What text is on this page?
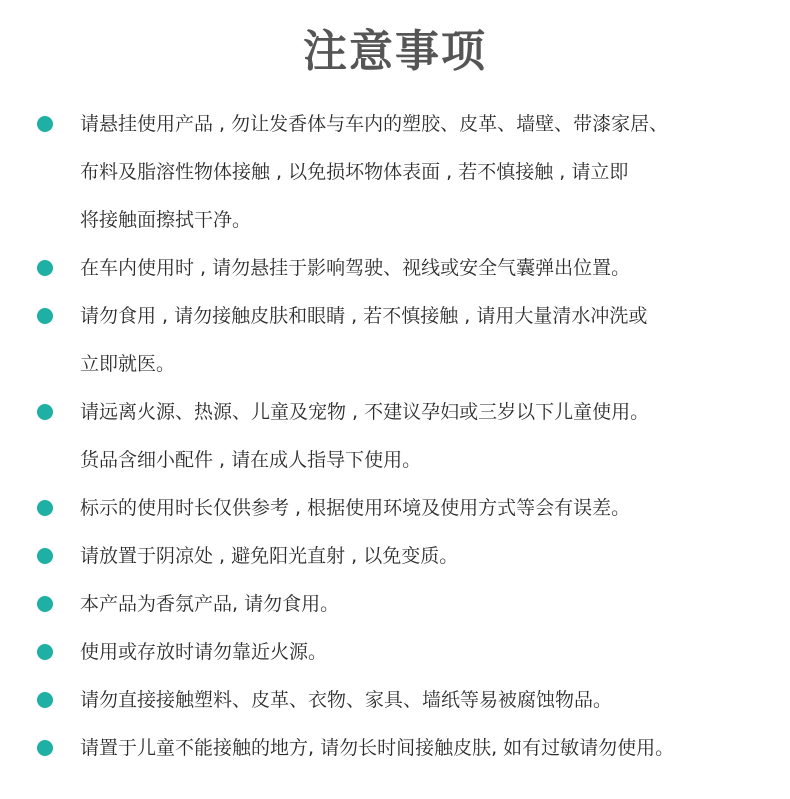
注意事项
请悬挂使用产品 , 勿让发香体与车内的塑胶、皮革、墙壁、带漆家居、
布料及脂溶性物体接触 , 以免损坏物体表面 , 若不慎接触 , 请立即
将接触面擦拭干净。
在车内使用时 , 请勿悬挂于影响驾驶、视线或安全气囊弹出位置。
请勿食用 , 请勿接触皮肤和眼睛 , 若不慎接触 , 请用大量清水冲洗或
立即就医。
请远离火源、热源、儿童及宠物 , 不建议孕妇或三岁以下儿童使用。
货品含细小配件 , 请在成人指导下使用。
标示的使用时长仅供参考 , 根据使用环境及使用方式等会有误差。
请放置于阴凉处 , 避免阳光直射 , 以免变质。
本产品为香氛产品, 请勿食用。
使用或存放时请勿靠近火源。
请勿直接接触塑料、皮革、衣物、家具、墙纸等易被腐蚀物品。
请置于儿童不能接触的地方, 请勿长时间接触皮肤, 如有过敏请勿使用。
